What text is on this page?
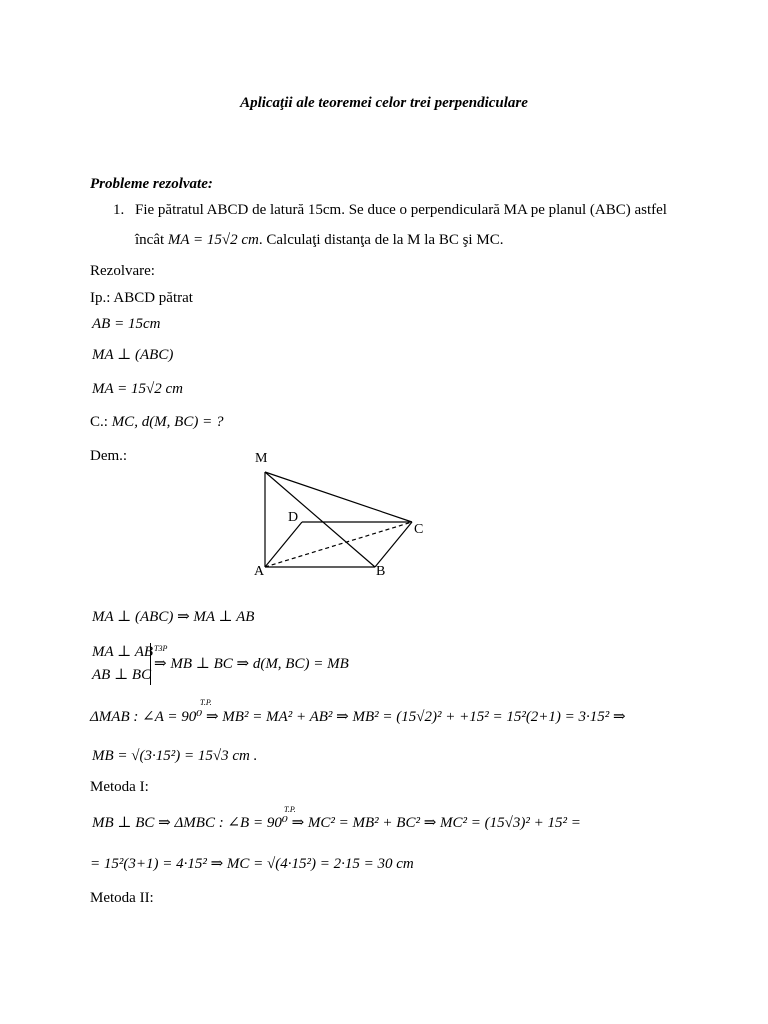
Aplicaţii ale teoremei celor trei perpendiculare
Probleme rezolvate:
1. Fie pătratul ABCD de latură 15cm. Se duce o perpendiculară MA pe planul (ABC) astfel
încât MA = 15√2 cm. Calculaţi distanţa de la M la BC şi MC.
Rezolvare:
Ip.: ABCD pătrat
AB = 15cm
MA ⊥ (ABC)
MA = 15√2 cm
C.: MC, d(M, BC) = ?
Dem.:	M
D
C
A	B
MA ⊥ (ABC) ⇒ MA ⊥ AB
MA ⊥ AB
AB ⊥ BC
T3P
⇒ MB ⊥ BC ⇒ d(M, BC) = MB
T.P.
ΔMAB : ∠A = 90⁰ ⇒ MB² = MA² + AB² ⇒ MB² = (15√2)² + +15² = 15²(2+1) = 3·15² ⇒
MB = √(3·15²) = 15√3 cm .
Metoda I:
T.P.
MB ⊥ BC ⇒ ΔMBC : ∠B = 90⁰ ⇒ MC² = MB² + BC² ⇒ MC² = (15√3)² + 15² =
= 15²(3+1) = 4·15² ⇒ MC = √(4·15²) = 2·15 = 30 cm
Metoda II:
